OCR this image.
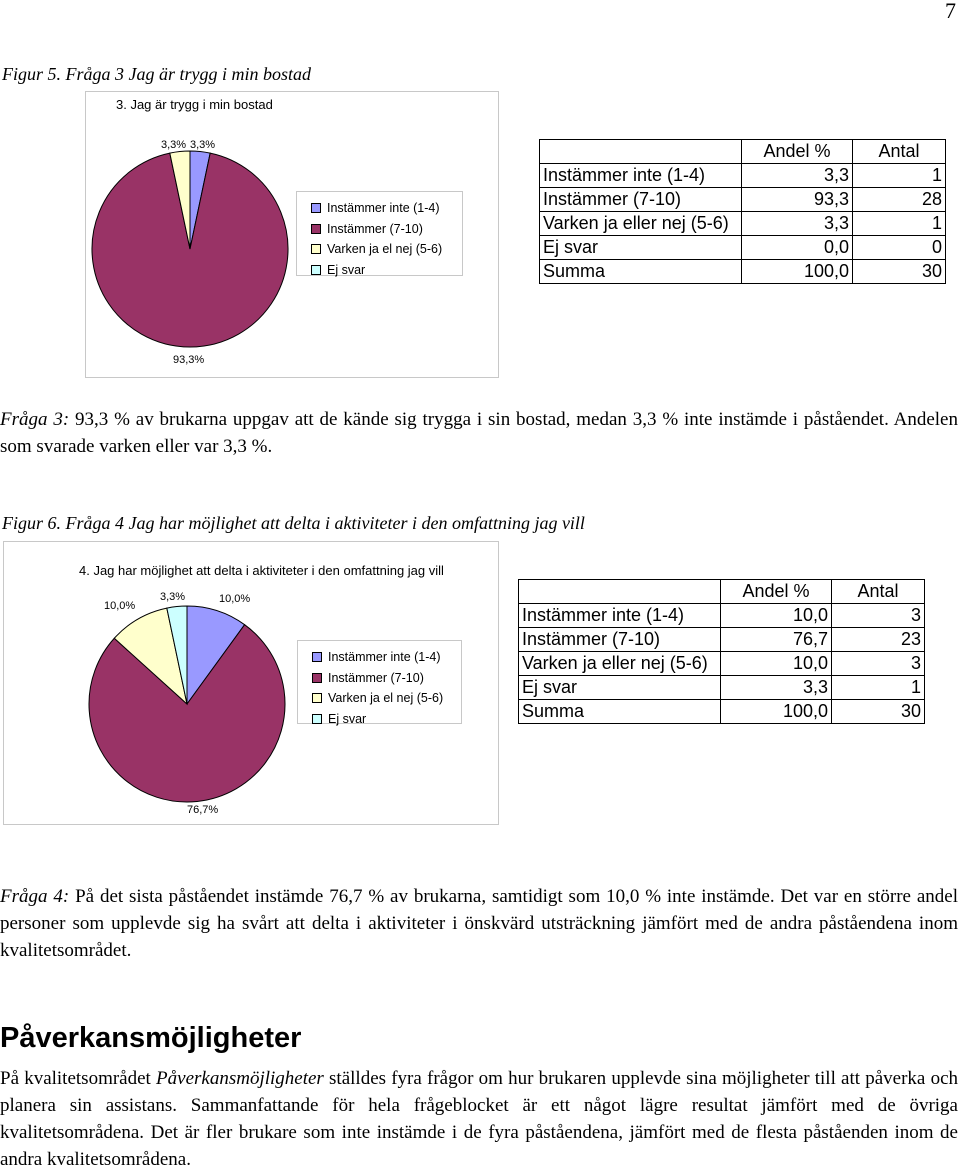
7
Figur 5. Fråga 3 Jag är trygg i min bostad
3. Jag är trygg i min bostad
3,3% 3,3%
93,3%
Instämmer inte (1-4)
Instämmer (7-10)
Varken ja el nej (5-6)
Ej svar
	Andel %	Antal
Instämmer inte (1-4)	3,3	1
Instämmer (7-10)	93,3	28
Varken ja eller nej (5-6)	3,3	1
Ej svar	0,0	0
Summa	100,0	30
Fråga 3: 93,3 % av brukarna uppgav att de kände sig trygga i sin bostad, medan 3,3 % inte instämde i påståendet. Andelen som svarade varken eller var 3,3 %.
Figur 6. Fråga 4 Jag har möjlighet att delta i aktiviteter i den omfattning jag vill
4. Jag har möjlighet att delta i aktiviteter i den omfattning jag vill
10,0%
3,3%	10,0%
76,7%
Instämmer inte (1-4)
Instämmer (7-10)
Varken ja el nej (5-6)
Ej svar
	Andel %	Antal
Instämmer inte (1-4)	10,0	3
Instämmer (7-10)	76,7	23
Varken ja eller nej (5-6)	10,0	3
Ej svar	3,3	1
Summa	100,0	30
Fråga 4: På det sista påståendet instämde 76,7 % av brukarna, samtidigt som 10,0 % inte instämde. Det var en större andel personer som upplevde sig ha svårt att delta i aktiviteter i önskvärd utsträckning jämfört med de andra påståendena inom kvalitetsområdet.
Påverkansmöjligheter
På kvalitetsområdet Påverkansmöjligheter ställdes fyra frågor om hur brukaren upplevde sina möjligheter till att påverka och planera sin assistans. Sammanfattande för hela frågeblocket är ett något lägre resultat jämfört med de övriga kvalitetsområdena. Det är fler brukare som inte instämde i de fyra påståendena, jämfört med de flesta påståenden inom de andra kvalitetsområdena.
